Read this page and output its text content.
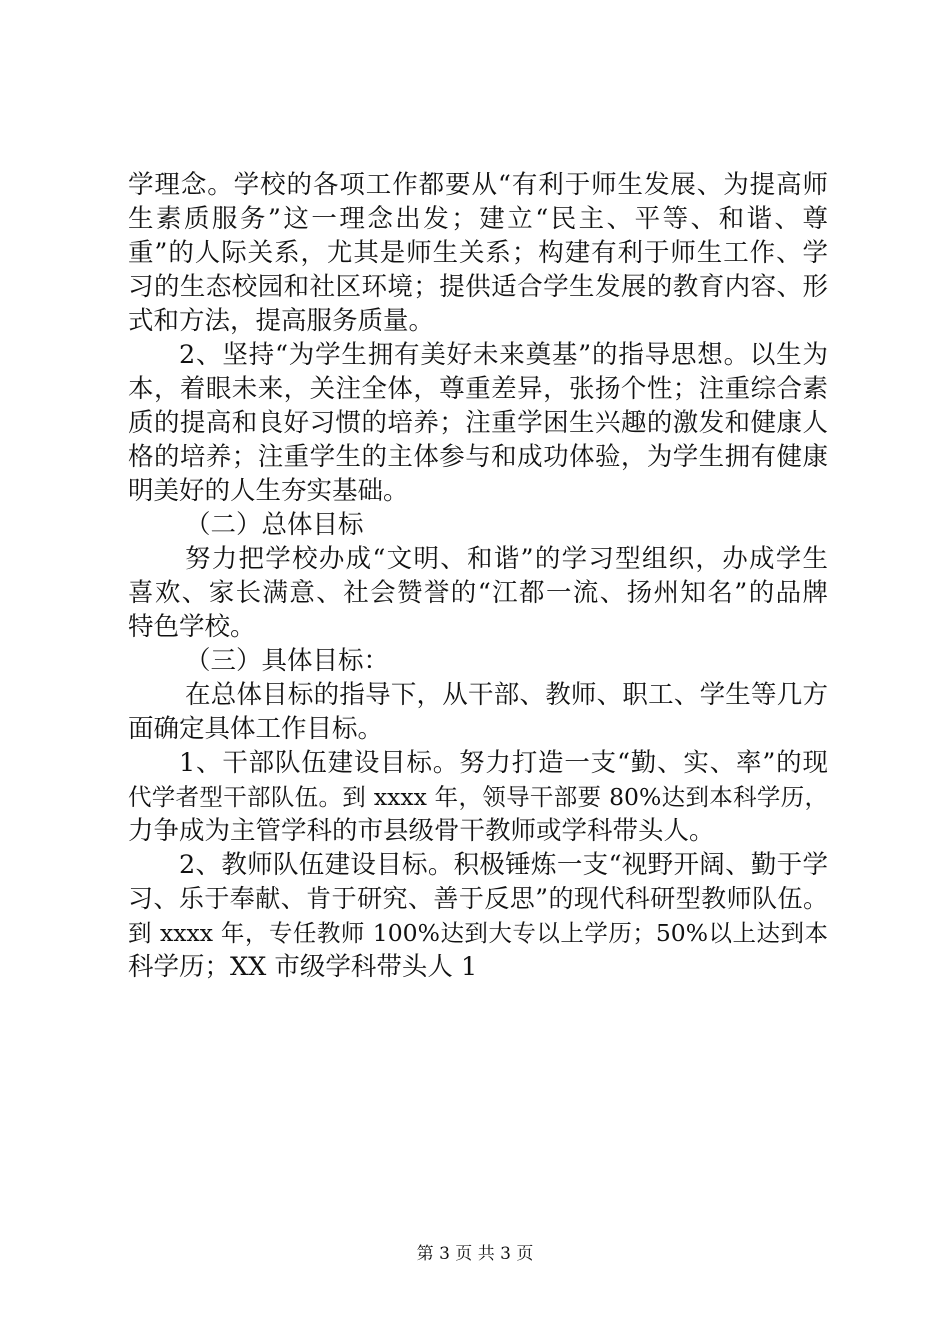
学理念。学校的各项工作都要从“有利于师生发展、为提高师
生素质服务”这一理念出发；建立“民主、平等、和谐、尊
重”的人际关系，尤其是师生关系；构建有利于师生工作、学
习的生态校园和社区环境；提供适合学生发展的教育内容、形
式和方法，提高服务质量。
2、坚持“为学生拥有美好未来奠基”的指导思想。以生为
本，着眼未来，关注全体，尊重差异，张扬个性；注重综合素
质的提高和良好习惯的培养；注重学困生兴趣的激发和健康人
格的培养；注重学生的主体参与和成功体验，为学生拥有健康
明美好的人生夯实基础。
（二）总体目标
努力把学校办成“文明、和谐”的学习型组织，办成学生
喜欢、家长满意、社会赞誉的“江都一流、扬州知名”的品牌
特色学校。
（三）具体目标：
在总体目标的指导下，从干部、教师、职工、学生等几方
面确定具体工作目标。
1、干部队伍建设目标。努力打造一支“勤、实、率”的现
代学者型干部队伍。到 xxxx 年，领导干部要 80%达到本科学历，
力争成为主管学科的市县级骨干教师或学科带头人。
2、教师队伍建设目标。积极锤炼一支“视野开阔、勤于学
习、乐于奉献、肯于研究、善于反思”的现代科研型教师队伍。
到 xxxx 年，专任教师 100%达到大专以上学历；50%以上达到本
科学历；XX 市级学科带头人 1
第 3 页 共 3 页
